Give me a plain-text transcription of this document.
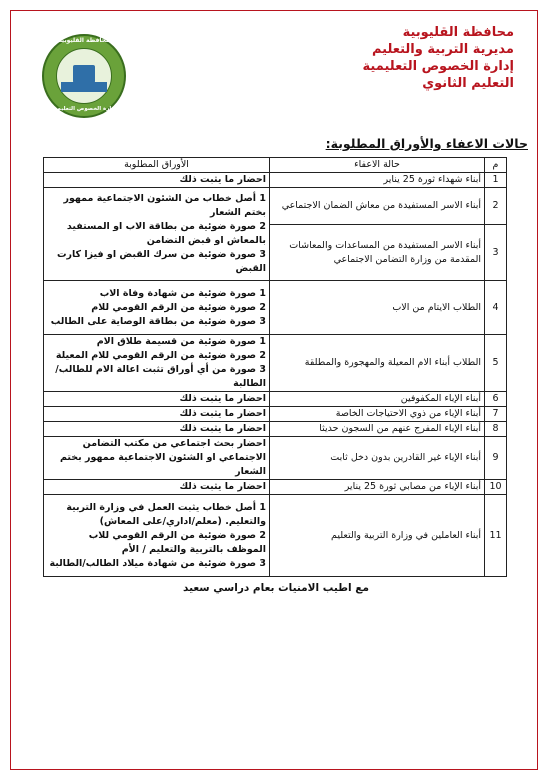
محافظة القليوبية
إدارة الخصوص التعليمية
محافظة القليوبية
مديرية التربية والتعليم
إدارة الخصوص التعليمية
التعليم الثانوي
حالات الاعفاء والأوراق المطلوبة:
م	حالة الاعفاء	الأوراق المطلوبة
1	أبناء شهداء ثورة 25 يناير	احضار ما يثبت ذلك

2	أبناء الاسر المستفيدة من معاش الضمان الاجتماعي	1 أصل خطاب من الشئون الاجتماعية ممهور بختم الشعار
2 صورة ضوئية من بطاقة الاب او المستفيد بالمعاش او قبض التضامن
3 صورة ضوئية من سرك القبض او فيزا كارت القبض

3	أبناء الاسر المستفيدة من المساعدات والمعاشات المقدمة من وزارة التضامن الاجتماعي	
4	الطلاب الايتام من الاب	1 صورة ضوئية من شهادة وفاة الاب
2 صورة ضوئية من الرقم القومي للام
3 صورة ضوئية من بطاقة الوصاية على الطالب

5	الطلاب أبناء الام المعيلة والمهجورة والمطلقة	1 صورة ضوئية من قسيمة طلاق الام
2 صورة ضوئية من الرقم القومي للام المعيلة
3 صورة من أي أوراق تثبت اعالة الام للطالب/الطالبة

6	أبناء الإباء المكفوفين	احضار ما يثبت ذلك

7	أبناء الإباء من ذوي الاحتياجات الخاصة	احضار ما يثبت ذلك

8	أبناء الإباء المفرج عنهم من السجون حديثا	احضار ما يثبت ذلك

9	أبناء الإباء غير القادرين بدون دخل ثابت	احضار بحث اجتماعي من مكتب التضامن الاجتماعي او الشئون الاجتماعية ممهور بختم الشعار

10	أبناء الإباء من مصابي ثورة 25 يناير	احضار ما يثبت ذلك

11	أبناء العاملين في وزارة التربية والتعليم	1 أصل خطاب يثبت العمل في وزارة التربية والتعليم. (معلم/اداري/على المعاش)
2 صورة ضوئية من الرقم القومي للاب الموظف بالتربية والتعليم / الأم
3 صورة ضوئية من شهادة ميلاد الطالب/الطالبة
مع اطيب الامنيات بعام دراسي سعيد
